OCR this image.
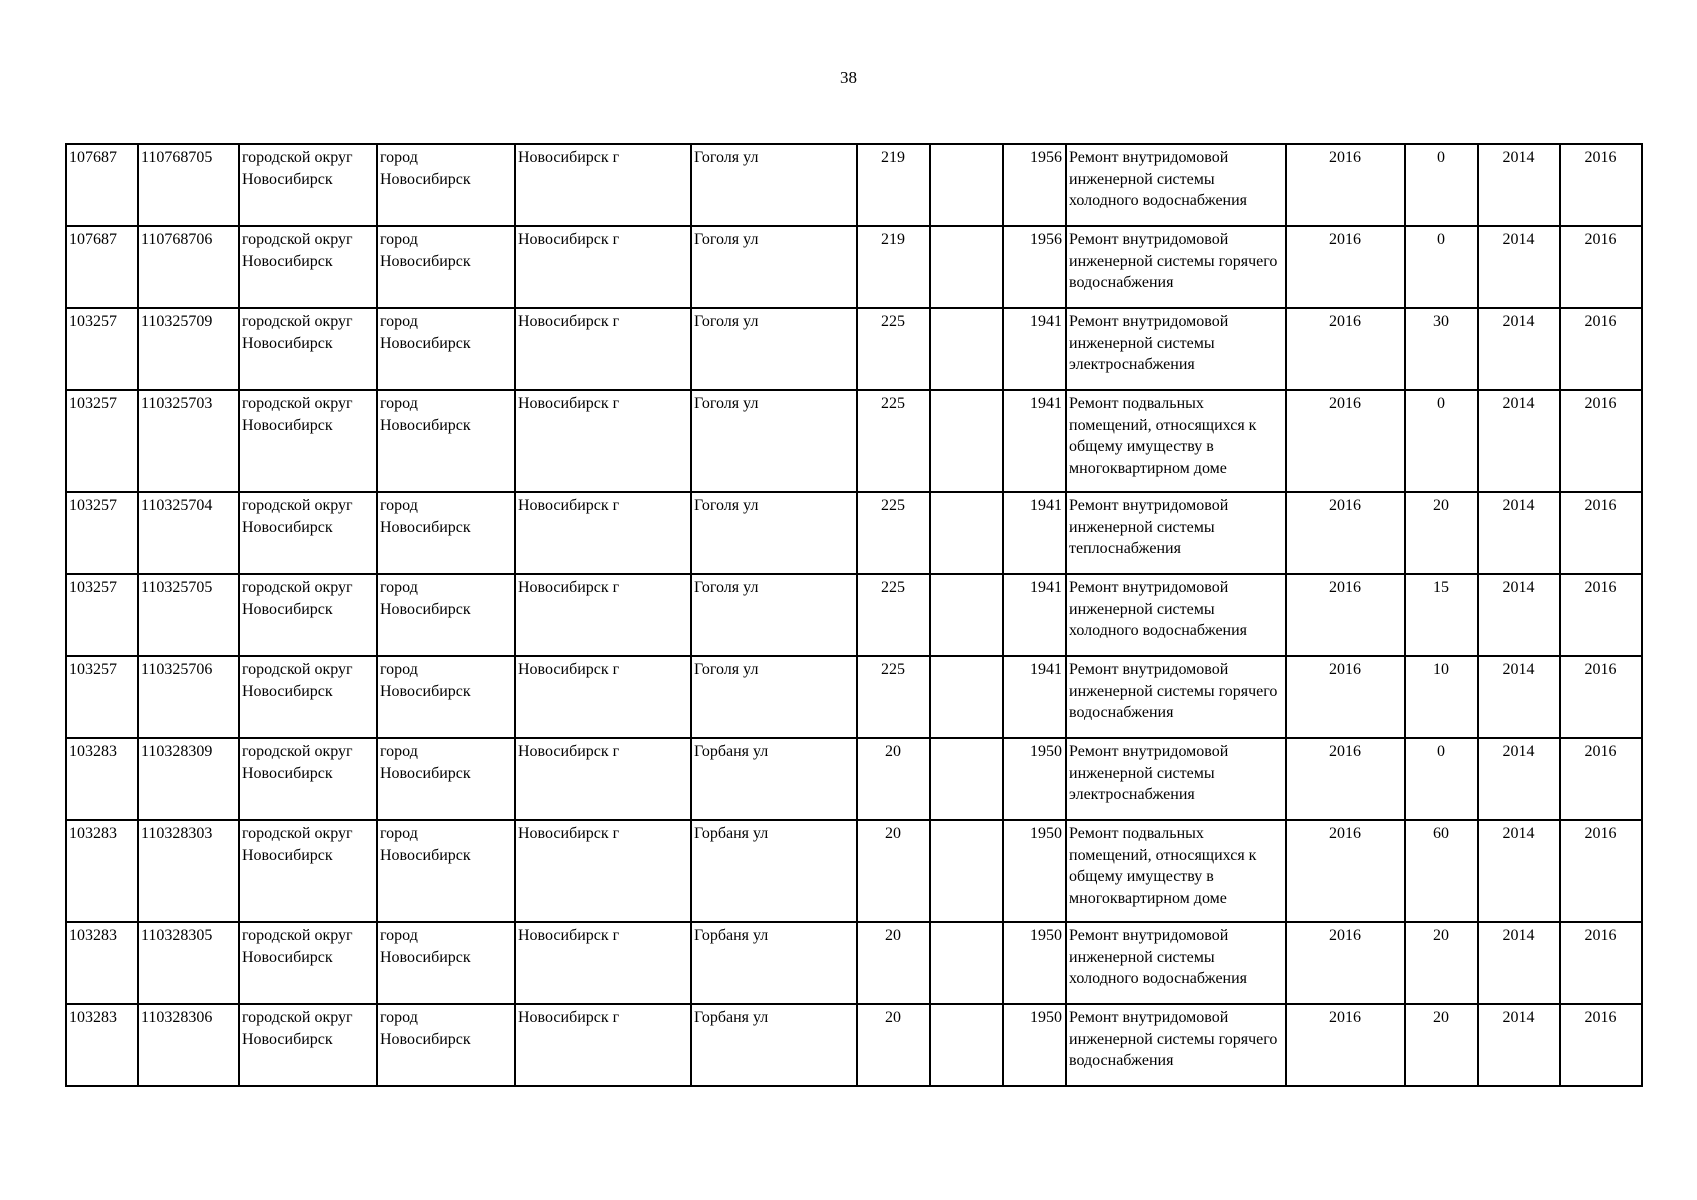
38
107687	110768705	городской округ Новосибирск	город Новосибирск	Новосибирск г	Гоголя ул	219		1956	Ремонт внутридомовой инженерной системы холодного водоснабжения	2016	0	2014	2016
107687	110768706	городской округ Новосибирск	город Новосибирск	Новосибирск г	Гоголя ул	219		1956	Ремонт внутридомовой инженерной системы горячего водоснабжения	2016	0	2014	2016
103257	110325709	городской округ Новосибирск	город Новосибирск	Новосибирск г	Гоголя ул	225		1941	Ремонт внутридомовой инженерной системы электроснабжения	2016	30	2014	2016
103257	110325703	городской округ Новосибирск	город Новосибирск	Новосибирск г	Гоголя ул	225		1941	Ремонт подвальных помещений, относящихся к общему имуществу в многоквартирном доме	2016	0	2014	2016
103257	110325704	городской округ Новосибирск	город Новосибирск	Новосибирск г	Гоголя ул	225		1941	Ремонт внутридомовой инженерной системы теплоснабжения	2016	20	2014	2016
103257	110325705	городской округ Новосибирск	город Новосибирск	Новосибирск г	Гоголя ул	225		1941	Ремонт внутридомовой инженерной системы холодного водоснабжения	2016	15	2014	2016
103257	110325706	городской округ Новосибирск	город Новосибирск	Новосибирск г	Гоголя ул	225		1941	Ремонт внутридомовой инженерной системы горячего водоснабжения	2016	10	2014	2016
103283	110328309	городской округ Новосибирск	город Новосибирск	Новосибирск г	Горбаня ул	20		1950	Ремонт внутридомовой инженерной системы электроснабжения	2016	0	2014	2016
103283	110328303	городской округ Новосибирск	город Новосибирск	Новосибирск г	Горбаня ул	20		1950	Ремонт подвальных помещений, относящихся к общему имуществу в многоквартирном доме	2016	60	2014	2016
103283	110328305	городской округ Новосибирск	город Новосибирск	Новосибирск г	Горбаня ул	20		1950	Ремонт внутридомовой инженерной системы холодного водоснабжения	2016	20	2014	2016
103283	110328306	городской округ Новосибирск	город Новосибирск	Новосибирск г	Горбаня ул	20		1950	Ремонт внутридомовой инженерной системы горячего водоснабжения	2016	20	2014	2016
